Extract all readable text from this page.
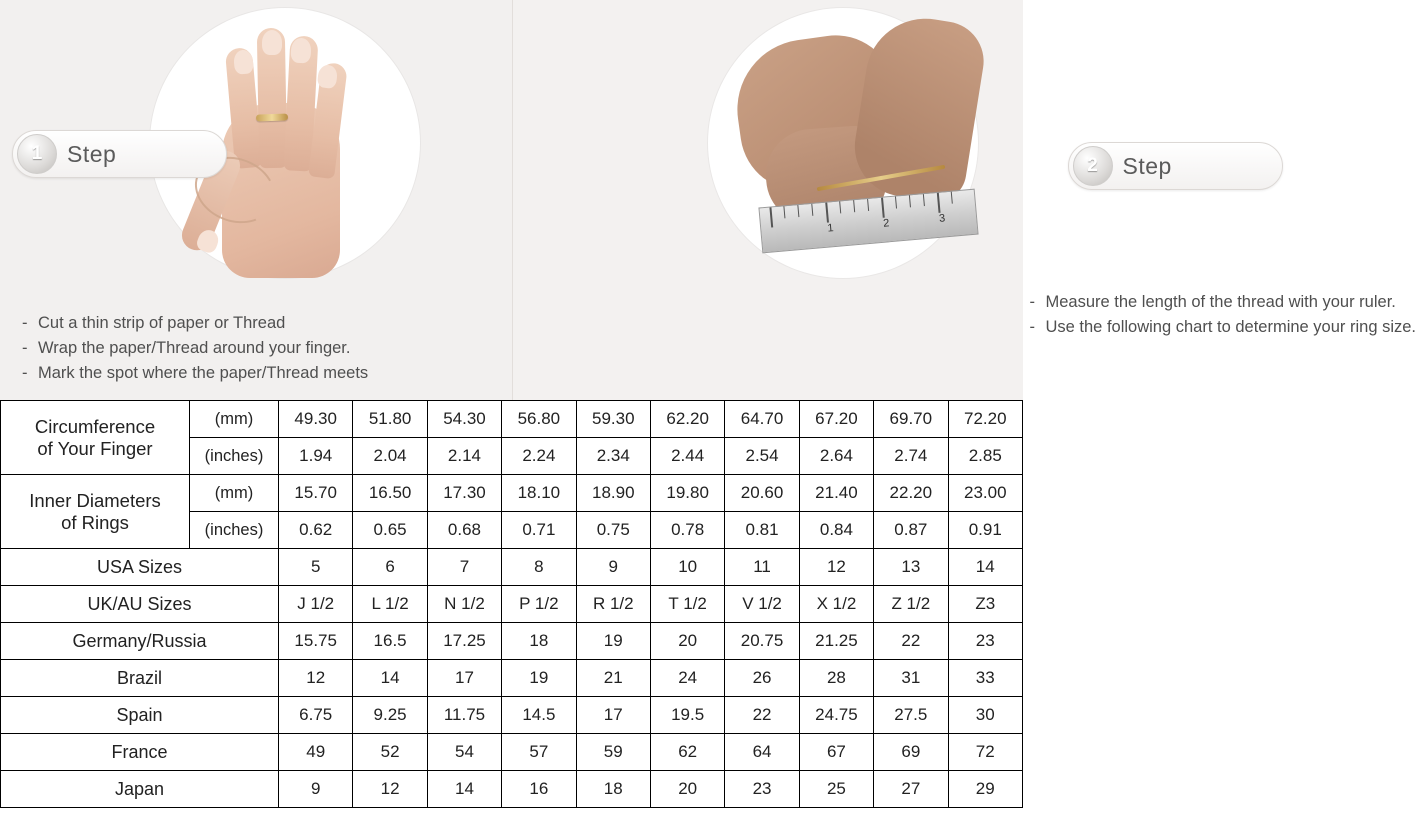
1	Step
- Cut a thin strip of paper or Thread
- Wrap the paper/Thread around your finger.
- Mark the spot where the paper/Thread meets
1	2	3
2	Step
- Measure the length of the thread with your ruler.
- Use the following chart to determine your ring size.
Circumference
of Your Finger	(mm)	49.30	51.80	54.30	56.80	59.30	62.20	64.70	67.20	69.70	72.20
	(inches)	1.94	2.04	2.14	2.24	2.34	2.44	2.54	2.64	2.74	2.85

Inner Diameters
of Rings	(mm)	15.70	16.50	17.30	18.10	18.90	19.80	20.60	21.40	22.20	23.00
	(inches)	0.62	0.65	0.68	0.71	0.75	0.78	0.81	0.84	0.87	0.91
USA Sizes		5	6	7	8	9	10	11	12	13	14
UK/AU Sizes		J 1/2	L 1/2	N 1/2	P 1/2	R 1/2	T 1/2	V 1/2	X 1/2	Z 1/2	Z3
Germany/Russia		15.75	16.5	17.25	18	19	20	20.75	21.25	22	23
Brazil		12	14	17	19	21	24	26	28	31	33
Spain		6.75	9.25	11.75	14.5	17	19.5	22	24.75	27.5	30
France		49	52	54	57	59	62	64	67	69	72
Japan		9	12	14	16	18	20	23	25	27	29
